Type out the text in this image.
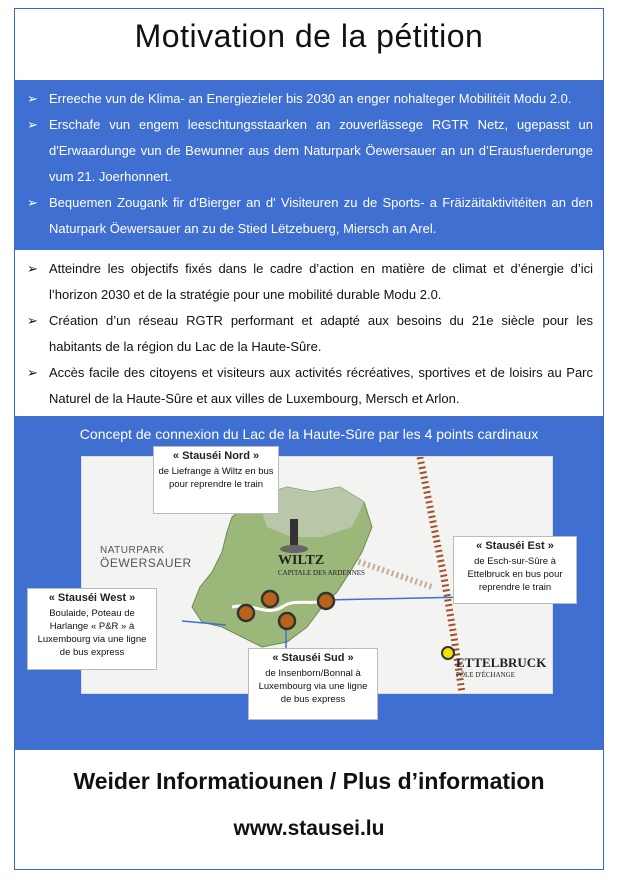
Motivation de la pétition
➢ Erreeche vun de Klima- an Energiezieler bis 2030 an enger nohalteger Mobilitéit Modu 2.0.
➢ Erschafe vun engem leeschtungsstaarken an zouverlässege RGTR Netz, ugepasst un d'Erwaardunge vun de Bewunner aus dem Naturpark Öewersauer an un d’Erausfuerderunge vum 21. Joerhonnert.
➢ Bequemen Zougank fir d'Bierger an d' Visiteuren zu de Sports- a Fräizäitaktivitéiten an den Naturpark Öewersauer an zu de Stied Lëtzebuerg, Miersch an Arel.
➢ Atteindre les objectifs fixés dans le cadre d’action en matière de climat et d’énergie d’ici l’horizon 2030 et de la stratégie pour une mobilité durable Modu 2.0.
➢ Création d’un réseau RGTR performant et adapté aux besoins du 21e siècle pour les habitants de la région du Lac de la Haute-Sûre.
➢ Accès facile des citoyens et visiteurs aux activités récréatives, sportives et de loisirs au Parc Naturel de la Haute-Sûre et aux villes de Luxembourg, Mersch et Arlon.
Concept de connexion du Lac de la Haute-Sûre par les 4 points cardinaux
NATURPARK
ÖEWERSAUER	WILTZ
CAPITALE DES ARDENNES
ETTELBRUCK
PÔLE D'ÉCHANGE
« Stauséi Nord »
de Liefrange à Wiltz en bus pour reprendre le train
« Stauséi Est »
de Esch-sur-Sûre à Ettelbruck en bus pour reprendre le train
« Stauséi West »
Boulaide, Poteau de Harlange « P&R » à Luxembourg via une ligne de bus express	« Stauséi Sud »
de Insenborn/Bonnal à Luxembourg via une ligne de bus express
Weider Informatiounen / Plus d’information
www.stausei.lu
